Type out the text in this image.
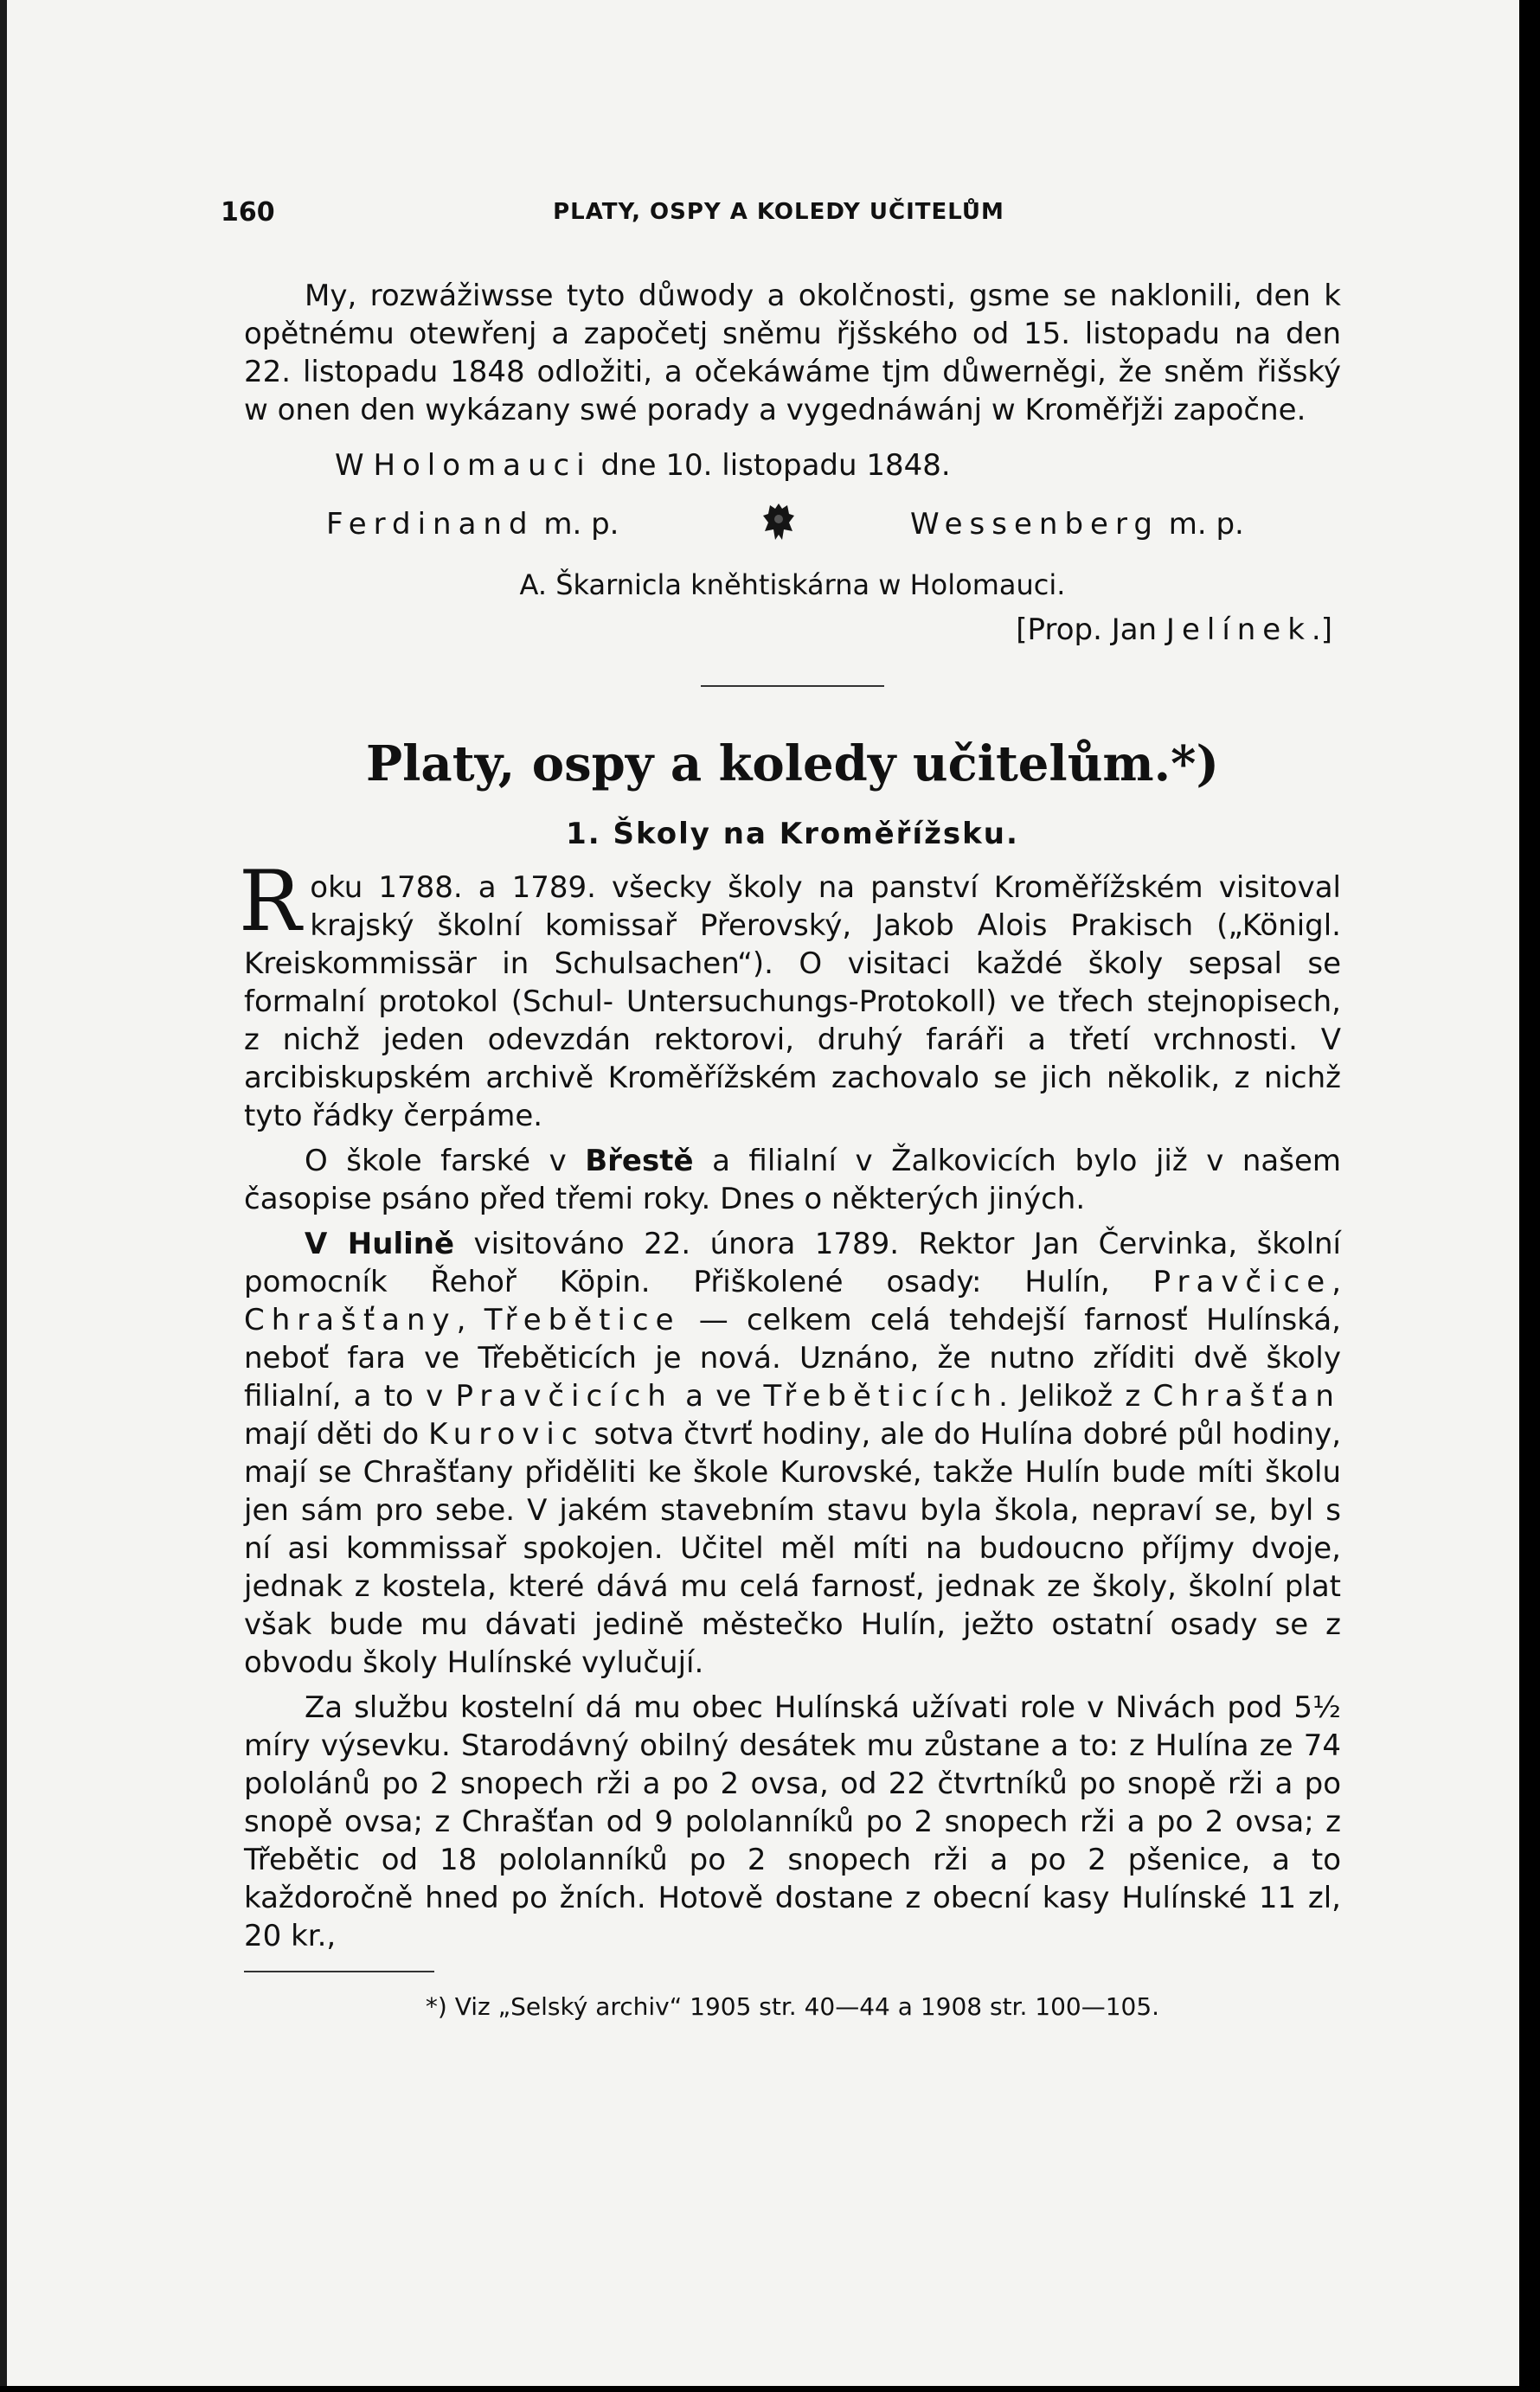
160	PLATY, OSPY A KOLEDY UČITELŮM

My, rozwážiwsse tyto důwody a okolčnosti, gsme se naklonili, den k opětnému otewřenj a započetj sněmu řjšského od 15. listopadu na den 22. listopadu 1848 odložiti, a očekáwáme tjm důwerněgi, že sněm řišský w onen den wykázany swé porady a vygednáwánj w Kroměřjži započne.

W Holomauci dne 10. listopadu 1848.

Ferdinand m. p.	Wessenberg m. p.
A. Škarnicla kněhtiskárna w Holomauci.
[Prop. Jan Jelínek.]
Platy, ospy a koledy učitelům.*)
1. Školy na Kroměřížsku.

Roku 1788. a 1789. všecky školy na panství Kroměřížském visitoval krajský školní komissař Přerovský, Jakob Alois Prakisch („Königl. Kreiskommissär in Schulsachen“). O visitaci každé školy sepsal se formalní protokol (Schul- Untersuchungs-Protokoll) ve třech stejnopisech, z nichž jeden odevzdán rektorovi, druhý faráři a třetí vrchnosti. V arcibiskupském archivě Kroměřížském zachovalo se jich několik, z nichž tyto řádky čerpáme.

O škole farské v Břestě a filialní v Žalkovicích bylo již v našem časopise psáno před třemi roky. Dnes o některých jiných.

V Hulině visitováno 22. února 1789. Rektor Jan Červinka, školní pomocník Řehoř Köpin. Přiškolené osady: Hulín, Pravčice, Chrašťany, Třebětice — celkem celá tehdejší farnosť Hulínská, neboť fara ve Třeběticích je nová. Uznáno, že nutno zříditi dvě školy filialní, a to v Pravčicích a ve Třeběticích. Jelikož z Chrašťan mají děti do Kurovic sotva čtvrť hodiny, ale do Hulína dobré půl hodiny, mají se Chrašťany přiděliti ke škole Kurovské, takže Hulín bude míti školu jen sám pro sebe. V jakém stavebním stavu byla škola, nepraví se, byl s ní asi kommissař spokojen. Učitel měl míti na budoucno příjmy dvoje, jednak z kostela, které dává mu celá farnosť, jednak ze školy, školní plat však bude mu dávati jedině městečko Hulín, ježto ostatní osady se z obvodu školy Hulínské vylučují.

Za službu kostelní dá mu obec Hulínská užívati role v Nivách pod 5½ míry výsevku. Starodávný obilný desátek mu zůstane a to: z Hulína ze 74 pololánů po 2 snopech rži a po 2 ovsa, od 22 čtvrtníků po snopě rži a po snopě ovsa; z Chrašťan od 9 pololanníků po 2 snopech rži a po 2 ovsa; z Třebětic od 18 pololanníků po 2 snopech rži a po 2 pšenice, a to každoročně hned po žních. Hotově dostane z obecní kasy Hulínské 11 zl, 20 kr.,

*) Viz „Selský archiv“ 1905 str. 40—44 a 1908 str. 100—105.
